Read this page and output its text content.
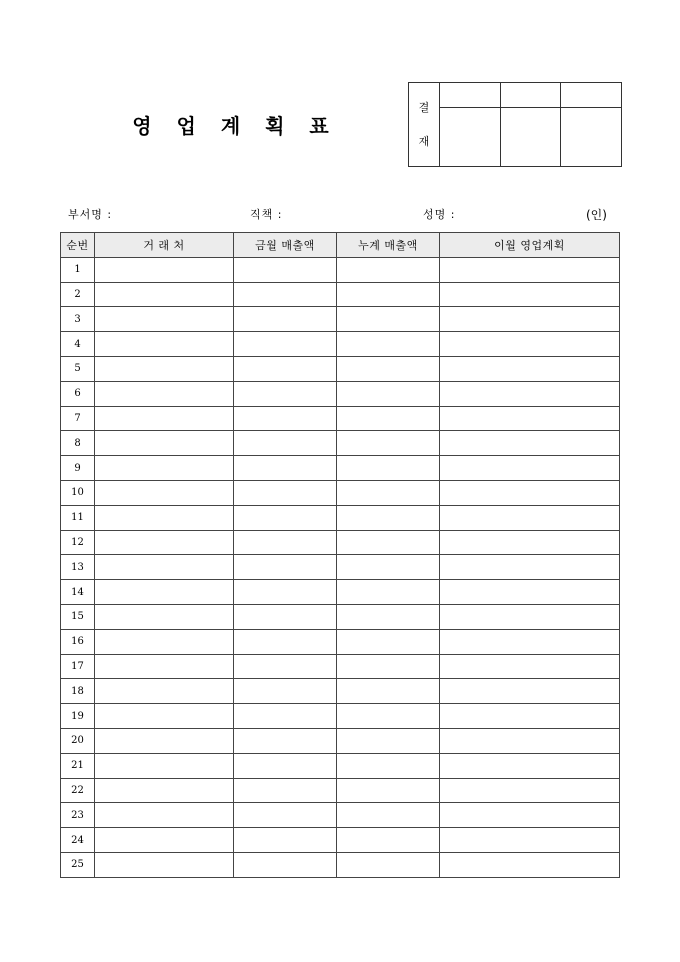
영 업 계 획 표
결
재			

부서명 :	직책 :	성명 :	(인)
순번	거 래 처	금월 매출액	누계 매출액	이월 영업계획
1				
2				
3				
4				
5				
6				
7				
8				
9				
10				
11				
12				
13				
14				
15				
16				
17				
18				
19				
20				
21				
22				
23				
24				
25				
